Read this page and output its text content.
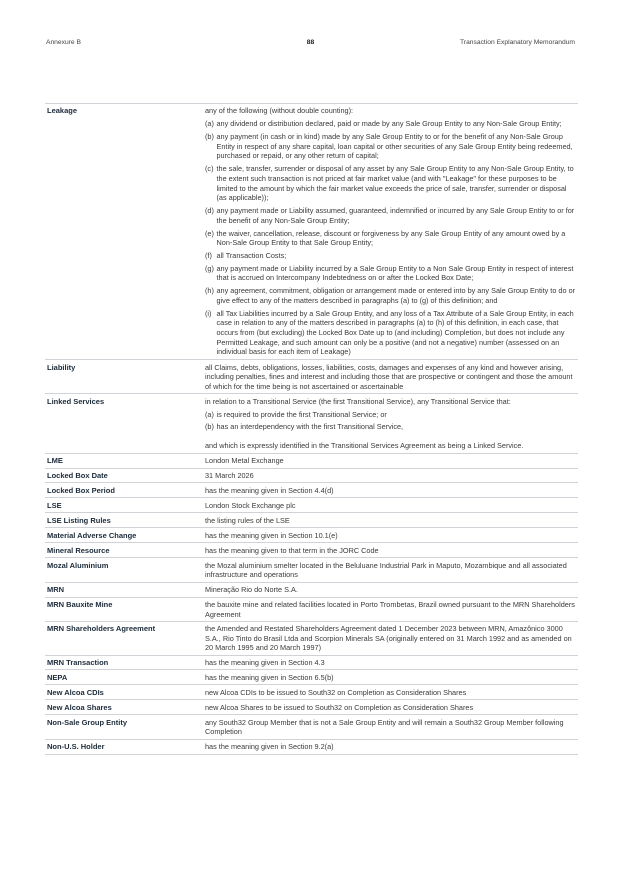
Annexure B	88	Transaction Explanatory Memorandum
Leakage	any of the following (without double counting):

(a) any dividend or distribution declared, paid or made by any Sale Group Entity to any Non-Sale Group Entity;
(b) any payment (in cash or in kind) made by any Sale Group Entity to or for the benefit of any Non-Sale Group Entity in respect of any share capital, loan capital or other securities of any Sale Group Entity being redeemed, purchased or repaid, or any other return of capital;
(c) the sale, transfer, surrender or disposal of any asset by any Sale Group Entity to any Non-Sale Group Entity, to the extent such transaction is not priced at fair market value (and with "Leakage" for these purposes to be limited to the amount by which the fair market value exceeds the price of sale, transfer, surrender or disposal (as applicable));
(d) any payment made or Liability assumed, guaranteed, indemnified or incurred by any Sale Group Entity to or for the benefit of any Non-Sale Group Entity;
(e) the waiver, cancellation, release, discount or forgiveness by any Sale Group Entity of any amount owed by a Non-Sale Group Entity to that Sale Group Entity;
(f) all Transaction Costs;
(g) any payment made or Liability incurred by a Sale Group Entity to a Non Sale Group Entity in respect of interest that is accrued on Intercompany Indebtedness on or after the Locked Box Date;
(h) any agreement, commitment, obligation or arrangement made or entered into by any Sale Group Entity to do or give effect to any of the matters described in paragraphs (a) to (g) of this definition; and
(i) all Tax Liabilities incurred by a Sale Group Entity, and any loss of a Tax Attribute of a Sale Group Entity, in each case in relation to any of the matters described in paragraphs (a) to (h) of this definition, in each case, that occurs from (but excluding) the Locked Box Date up to (and including) Completion, but does not include any Permitted Leakage, and such amount can only be a positive (and not a negative) number (assessed on an individual basis for each item of Leakage)
Liability	all Claims, debts, obligations, losses, liabilities, costs, damages and expenses of any kind and however arising, including penalties, fines and interest and including those that are prospective or contingent and those the amount of which for the time being is not ascertained or ascertainable
Linked Services	in relation to a Transitional Service (the first Transitional Service), any Transitional Service that:

(a) is required to provide the first Transitional Service; or
(b) has an interdependency with the first Transitional Service,

and which is expressly identified in the Transitional Services Agreement as being a Linked Service.

LME	London Metal Exchange
Locked Box Date	31 March 2026
Locked Box Period	has the meaning given in Section 4.4(d)
LSE	London Stock Exchange plc
LSE Listing Rules	the listing rules of the LSE
Material Adverse Change	has the meaning given in Section 10.1(e)
Mineral Resource	has the meaning given to that term in the JORC Code
Mozal Aluminium	the Mozal aluminium smelter located in the Beluluane Industrial Park in Maputo, Mozambique and all associated infrastructure and operations
MRN	Mineração Rio do Norte S.A.
MRN Bauxite Mine	the bauxite mine and related facilities located in Porto Trombetas, Brazil owned pursuant to the MRN Shareholders Agreement
MRN Shareholders Agreement	the Amended and Restated Shareholders Agreement dated 1 December 2023 between MRN, Amazônico 3000 S.A., Rio Tinto do Brasil Ltda and Scorpion Minerals SA (originally entered on 31 March 1992 and as amended on 20 March 1995 and 20 March 1997)
MRN Transaction	has the meaning given in Section 4.3
NEPA	has the meaning given in Section 6.5(b)
New Alcoa CDIs	new Alcoa CDIs to be issued to South32 on Completion as Consideration Shares
New Alcoa Shares	new Alcoa Shares to be issued to South32 on Completion as Consideration Shares
Non-Sale Group Entity	any South32 Group Member that is not a Sale Group Entity and will remain a South32 Group Member following Completion
Non-U.S. Holder	has the meaning given in Section 9.2(a)
